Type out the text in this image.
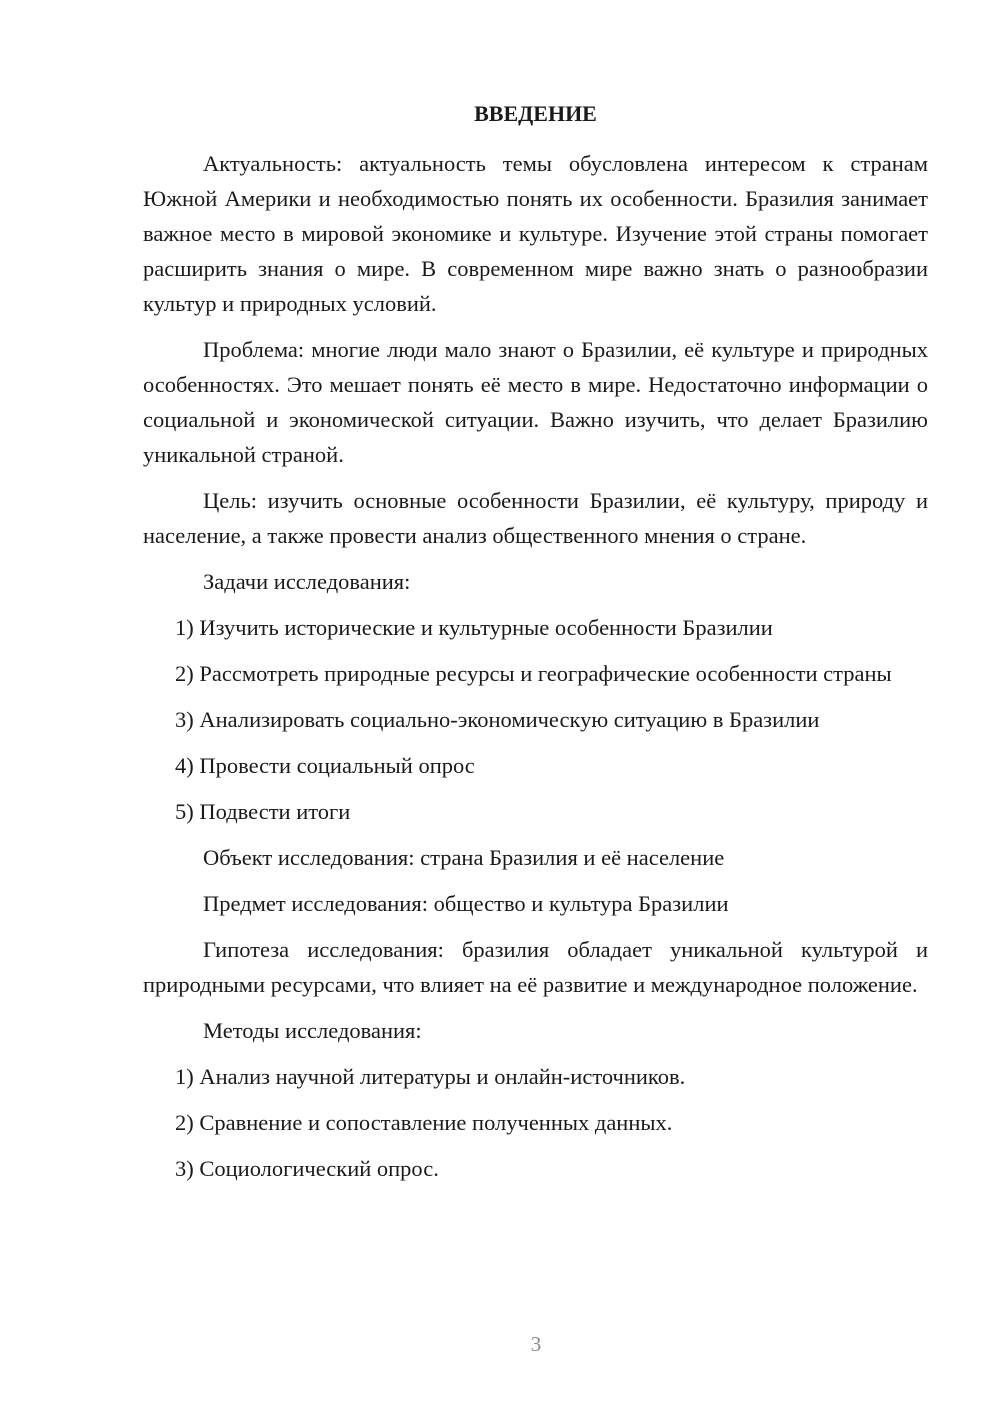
ВВЕДЕНИЕ

Актуальность: актуальность темы обусловлена интересом к странам Южной Америки и необходимостью понять их особенности. Бразилия занимает важное место в мировой экономике и культуре. Изучение этой страны помогает расширить знания о мире. В современном мире важно знать о разнообразии культур и природных условий.

Проблема: многие люди мало знают о Бразилии, её культуре и природных особенностях. Это мешает понять её место в мире. Недостаточно информации о социальной и экономической ситуации. Важно изучить, что делает Бразилию уникальной страной.

Цель: изучить основные особенности Бразилии, её культуру, природу и население, а также провести анализ общественного мнения о стране.

Задачи исследования:

1) Изучить исторические и культурные особенности Бразилии

2) Рассмотреть природные ресурсы и географические особенности страны

3) Анализировать социально-экономическую ситуацию в Бразилии

4) Провести социальный опрос

5) Подвести итоги

Объект исследования: страна Бразилия и её население

Предмет исследования: общество и культура Бразилии

Гипотеза исследования: бразилия обладает уникальной культурой и природными ресурсами, что влияет на её развитие и международное положение.

Методы исследования:

1) Анализ научной литературы и онлайн-источников.

2) Сравнение и сопоставление полученных данных.

3) Социологический опрос.

3
